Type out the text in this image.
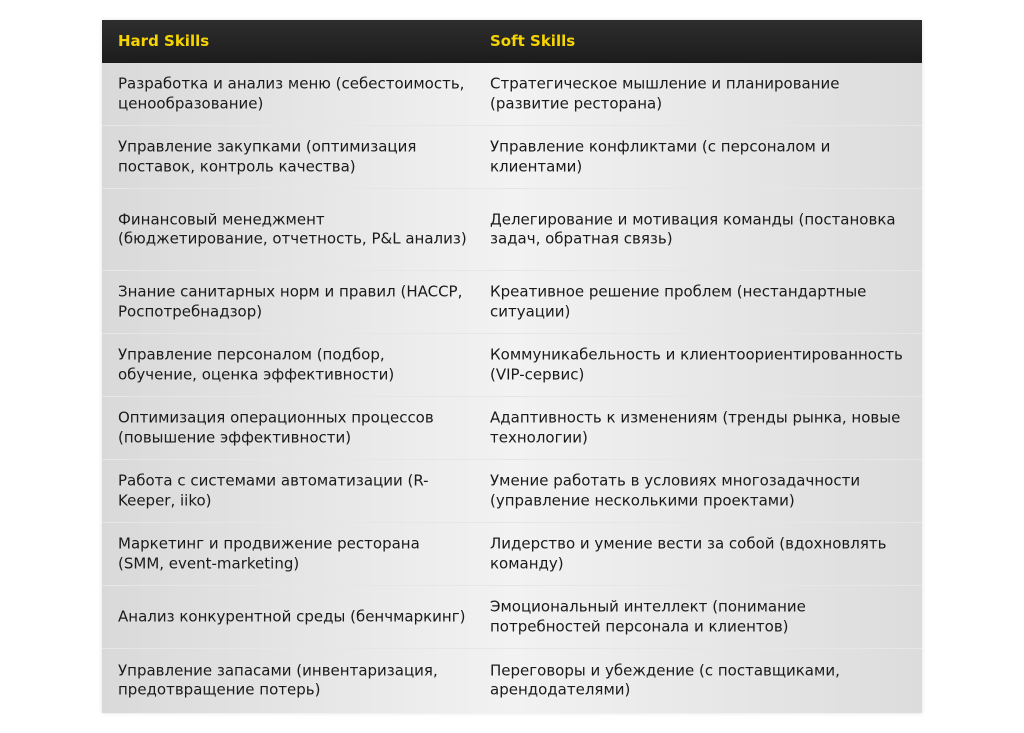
Hard Skills	Soft Skills
Разработка и анализ меню (себестоимость, ценообразование)
Стратегическое мышление и планирование (развитие ресторана)
Управление закупками (оптимизация поставок, контроль качества)
Управление конфликтами (с персоналом и клиентами)
Финансовый менеджмент (бюджетирование, отчетность, P&L анализ)
Делегирование и мотивация команды (постановка задач, обратная связь)
Знание санитарных норм и правил (HACCP, Роспотребнадзор)
Креативное решение проблем (нестандартные ситуации)
Управление персоналом (подбор, обучение, оценка эффективности)
Коммуникабельность и клиентоориентированность (VIP-сервис)
Оптимизация операционных процессов (повышение эффективности)
Адаптивность к изменениям (тренды рынка, новые технологии)
Работа с системами автоматизации (R-Keeper, iiko)
Умение работать в условиях многозадачности (управление несколькими проектами)
Маркетинг и продвижение ресторана (SMM, event-marketing)
Лидерство и умение вести за собой (вдохновлять команду)
Анализ конкурентной среды (бенчмаркинг)
Эмоциональный интеллект (понимание потребностей персонала и клиентов)
Управление запасами (инвентаризация, предотвращение потерь)
Переговоры и убеждение (с поставщиками, арендодателями)
